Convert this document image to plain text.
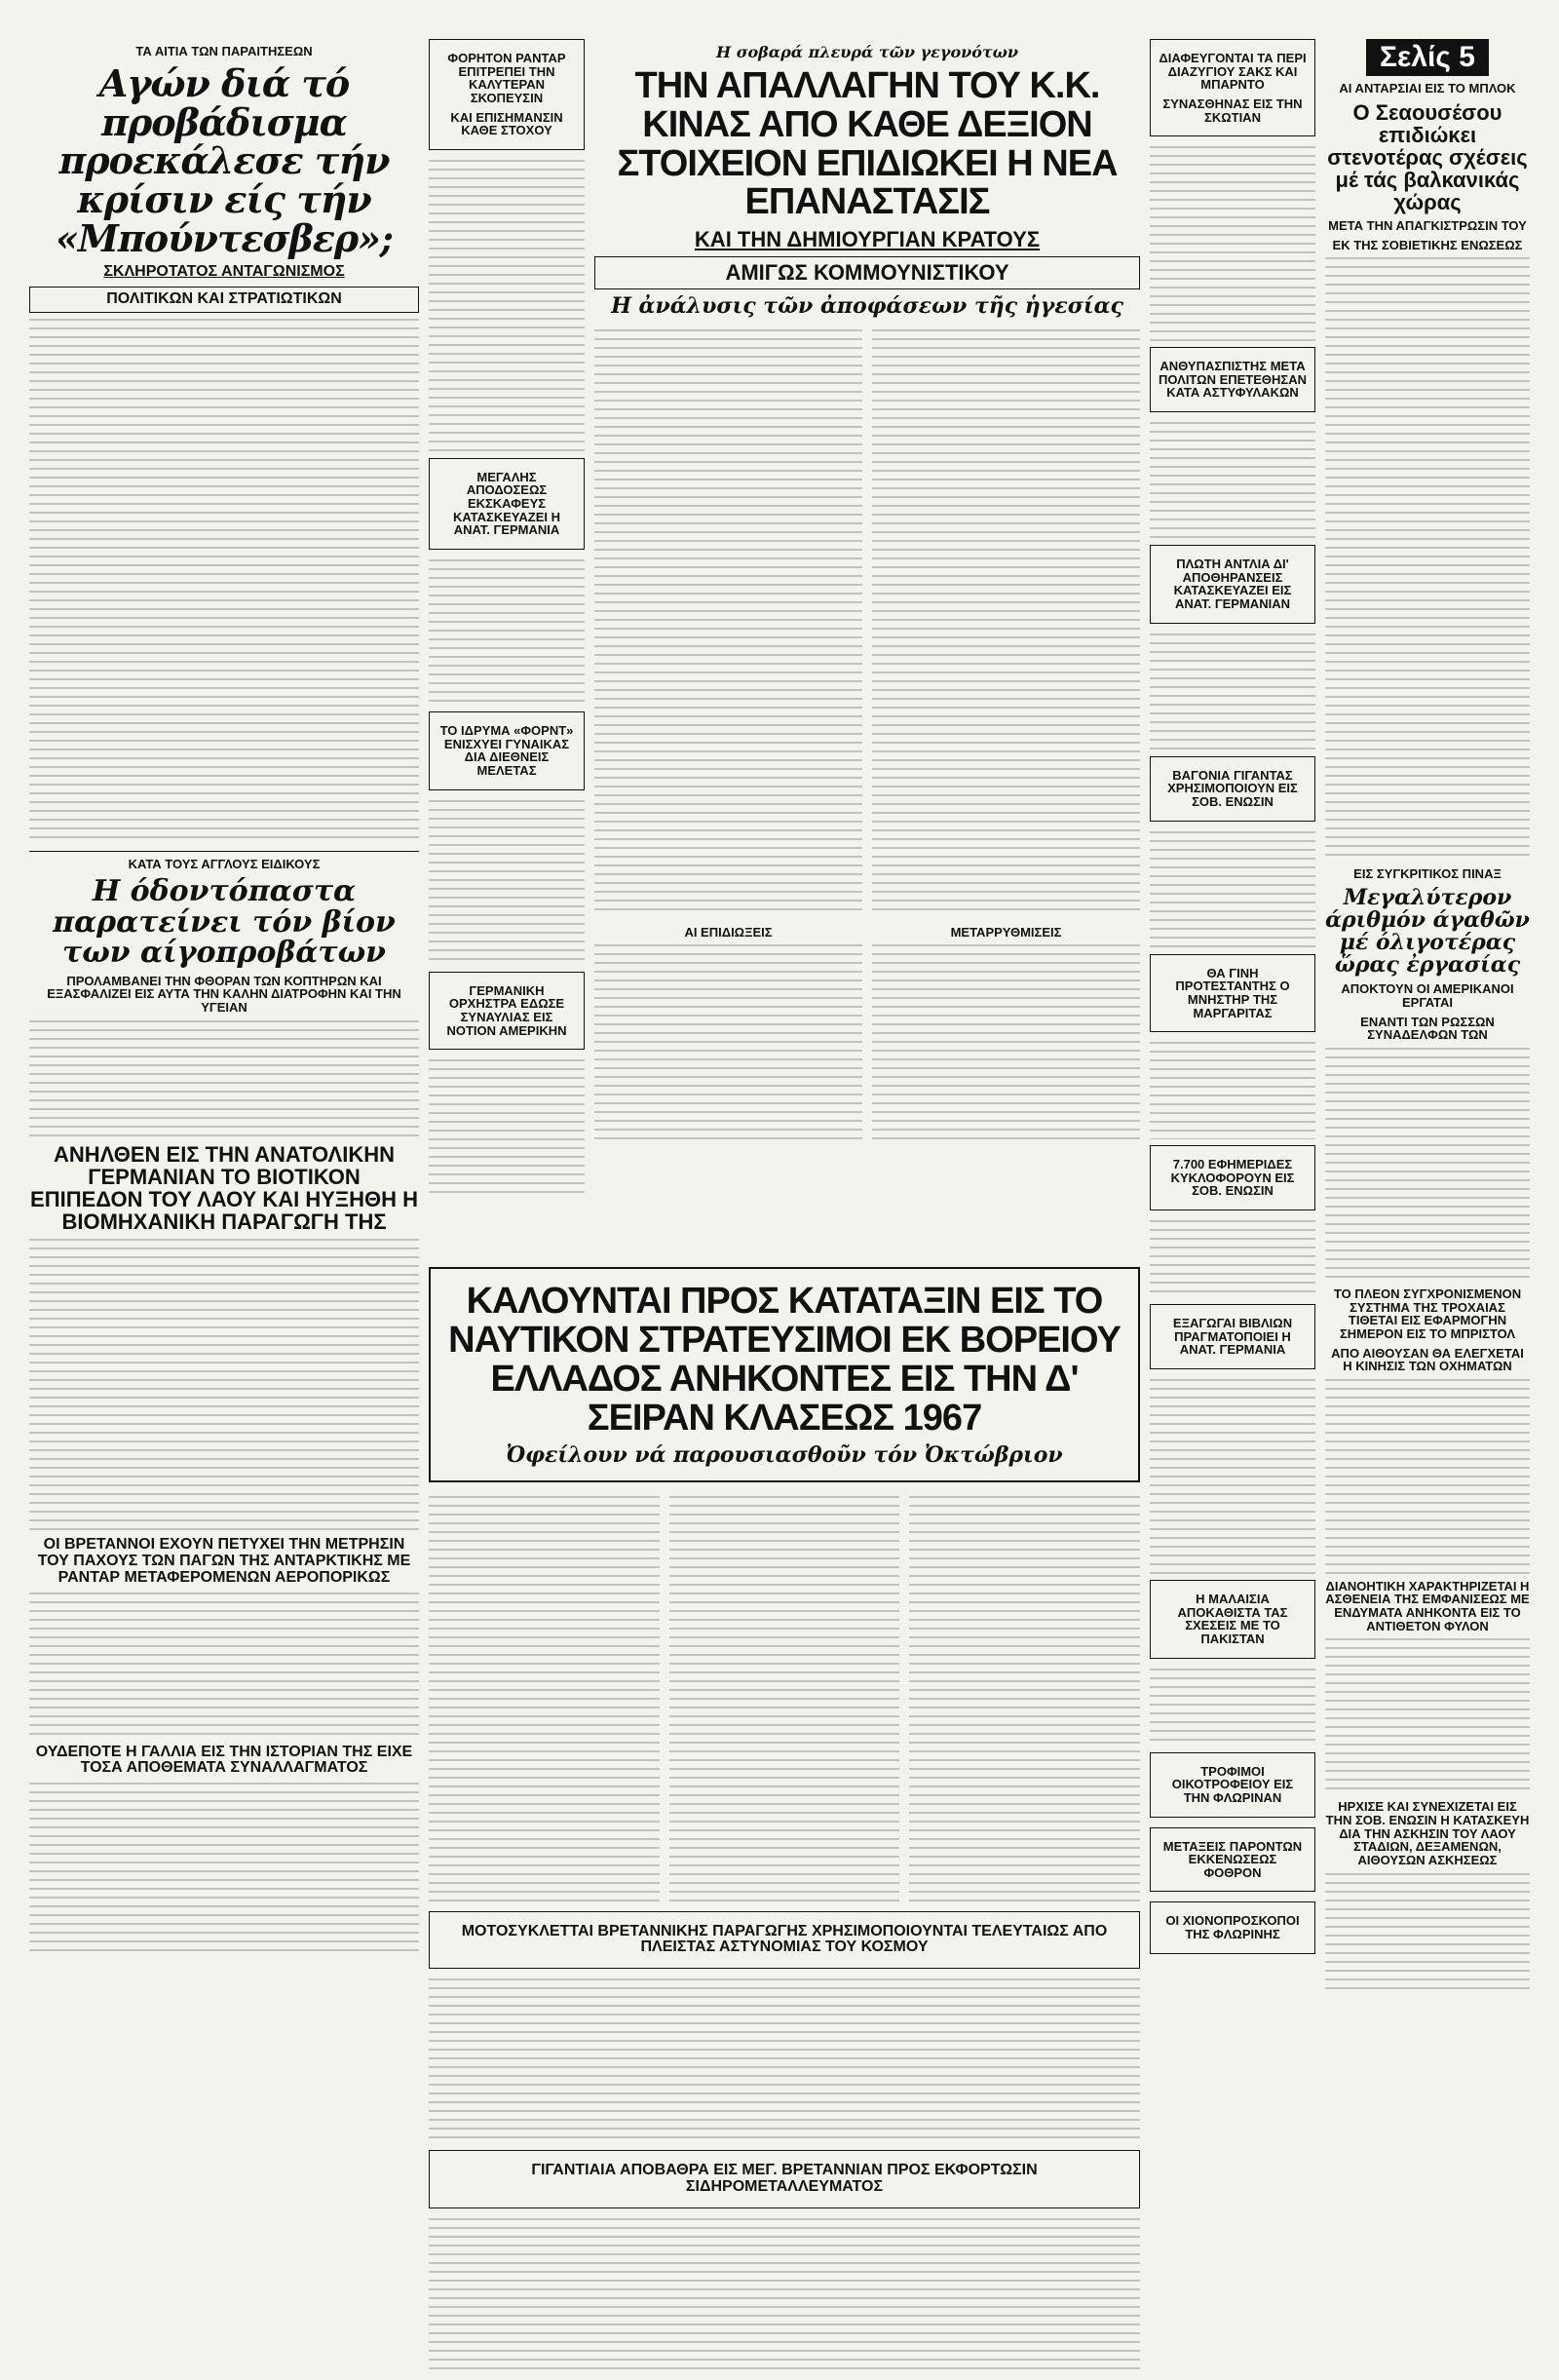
ΤΑ ΑΙΤΙΑ ΤΩΝ ΠΑΡΑΙΤΗΣΕΩΝ
Αγών διά τό προβάδισμα προεκάλεσε τήν κρίσιν είς τήν «Μπούντεσβερ»;
ΣΚΛΗΡΟΤΑΤΟΣ ΑΝΤΑΓΩΝΙΣΜΟΣ
ΠΟΛΙΤΙΚΩΝ ΚΑΙ ΣΤΡΑΤΙΩΤΙΚΩΝ
ΚΑΤΑ ΤΟΥΣ ΑΓΓΛΟΥΣ ΕΙΔΙΚΟΥΣ
Η όδοντόπαστα παρατείνει τόν βίον των αίγοπροβάτων
ΠΡΟΛΑΜΒΑΝΕΙ ΤΗΝ ΦΘΟΡΑΝ ΤΩΝ ΚΟΠΤΗΡΩΝ ΚΑΙ ΕΞΑΣΦΑΛΙΖΕΙ ΕΙΣ ΑΥΤΑ ΤΗΝ ΚΑΛΗΝ ΔΙΑΤΡΟΦΗΝ ΚΑΙ ΤΗΝ ΥΓΕΙΑΝ
ΑΝΗΛΘΕΝ ΕΙΣ ΤΗΝ ΑΝΑΤΟΛΙΚΗΝ ΓΕΡΜΑΝΙΑΝ ΤΟ ΒΙΟΤΙΚΟΝ ΕΠΙΠΕΔΟΝ ΤΟΥ ΛΑΟΥ ΚΑΙ ΗΥΞΗΘΗ Η ΒΙΟΜΗΧΑΝΙΚΗ ΠΑΡΑΓΩΓΗ ΤΗΣ
ΟΙ ΒΡΕΤΑΝΝΟΙ ΕΧΟΥΝ ΠΕΤΥΧΕΙ ΤΗΝ ΜΕΤΡΗΣΙΝ ΤΟΥ ΠΑΧΟΥΣ ΤΩΝ ΠΑΓΩΝ ΤΗΣ ΑΝΤΑΡΚΤΙΚΗΣ ΜΕ ΡΑΝΤΑΡ ΜΕΤΑΦΕΡΟΜΕΝΩΝ ΑΕΡΟΠΟΡΙΚΩΣ
ΟΥΔΕΠΟΤΕ Η ΓΑΛΛΙΑ ΕΙΣ ΤΗΝ ΙΣΤΟΡΙΑΝ ΤΗΣ ΕΙΧΕ ΤΟΣΑ ΑΠΟΘΕΜΑΤΑ ΣΥΝΑΛΛΑΓΜΑΤΟΣ
ΦΟΡΗΤΟΝ ΡΑΝΤΑΡ ΕΠΙΤΡΕΠΕΙ ΤΗΝ ΚΑΛΥΤΕΡΑΝ ΣΚΟΠΕΥΣΙΝ
ΚΑΙ ΕΠΙΣΗΜΑΝΣΙΝ ΚΑΘΕ ΣΤΟΧΟΥ
ΜΕΓΑΛΗΣ ΑΠΟΔΟΣΕΩΣ ΕΚΣΚΑΦΕΥΣ ΚΑΤΑΣΚΕΥΑΖΕΙ Η ΑΝΑΤ. ΓΕΡΜΑΝΙΑ
ΤΟ ΙΔΡΥΜΑ «ΦΟΡΝΤ» ΕΝΙΣΧΥΕΙ ΓΥΝΑΙΚΑΣ ΔΙΑ ΔΙΕΘΝΕΙΣ ΜΕΛΕΤΑΣ
ΓΕΡΜΑΝΙΚΗ ΟΡΧΗΣΤΡΑ ΕΔΩΣΕ ΣΥΝΑΥΛΙΑΣ ΕΙΣ ΝΟΤΙΟΝ ΑΜΕΡΙΚΗΝ
Η σοβαρά πλευρά τῶν γεγονότων
ΤΗΝ ΑΠΑΛΛΑΓΗΝ ΤΟΥ Κ.Κ. ΚΙΝΑΣ ΑΠΟ ΚΑΘΕ ΔΕΞΙΟΝ ΣΤΟΙΧΕΙΟΝ ΕΠΙΔΙΩΚΕΙ Η ΝΕΑ ΕΠΑΝΑΣΤΑΣΙΣ
ΚΑΙ ΤΗΝ ΔΗΜΙΟΥΡΓΙΑΝ ΚΡΑΤΟΥΣ
ΑΜΙΓΩΣ ΚΟΜΜΟΥΝΙΣΤΙΚΟΥ
Η ἀνάλυσις τῶν ἀποφάσεων τῆς ἡγεσίας
ΑΙ ΕΠΙΔΙΩΞΕΙΣ	ΜΕΤΑΡΡΥΘΜΙΣΕΙΣ
ΔΙΑΦΕΥΓΟΝΤΑΙ ΤΑ ΠΕΡΙ ΔΙΑΖΥΓΙΟΥ ΣΑΚΣ ΚΑΙ ΜΠΑΡΝΤΟ
ΣΥΝΑΣΘΗΝΑΣ ΕΙΣ ΤΗΝ ΣΚΩΤΙΑΝ
ΑΝΘΥΠΑΣΠΙΣΤΗΣ ΜΕΤΑ ΠΟΛΙΤΩΝ ΕΠΕΤΕΘΗΣΑΝ ΚΑΤΑ ΑΣΤΥΦΥΛΑΚΩΝ
ΠΛΩΤΗ ΑΝΤΛΙΑ ΔΙ' ΑΠΟΘΗΡΑΝΣΕΙΣ ΚΑΤΑΣΚΕΥΑΖΕΙ ΕΙΣ ΑΝΑΤ. ΓΕΡΜΑΝΙΑΝ
ΒΑΓΟΝΙΑ ΓΙΓΑΝΤΑΣ ΧΡΗΣΙΜΟΠΟΙΟΥΝ ΕΙΣ ΣΟΒ. ΕΝΩΣΙΝ
ΘΑ ΓΙΝΗ ΠΡΟΤΕΣΤΑΝΤΗΣ Ο ΜΝΗΣΤΗΡ ΤΗΣ ΜΑΡΓΑΡΙΤΑΣ
7.700 ΕΦΗΜΕΡΙΔΕΣ ΚΥΚΛΟΦΟΡΟΥΝ ΕΙΣ ΣΟΒ. ΕΝΩΣΙΝ
ΕΞΑΓΩΓΑΙ ΒΙΒΛΙΩΝ ΠΡΑΓΜΑΤΟΠΟΙΕΙ Η ΑΝΑΤ. ΓΕΡΜΑΝΙΑ
Η ΜΑΛΑΙΣΙΑ ΑΠΟΚΑΘΙΣΤΑ ΤΑΣ ΣΧΕΣΕΙΣ ΜΕ ΤΟ ΠΑΚΙΣΤΑΝ
ΤΡΟΦΙΜΟΙ ΟΙΚΟΤΡΟΦΕΙΟΥ ΕΙΣ ΤΗΝ ΦΛΩΡΙΝΑΝ
ΜΕΤΑΞΕΙΣ ΠΑΡΟΝΤΩΝ ΕΚΚΕΝΩΣΕΩΣ ΦΟΘΡΟΝ
ΟΙ ΧΙΟΝΟΠΡΟΣΚΟΠΟΙ ΤΗΣ ΦΛΩΡΙΝΗΣ
Σελίς 5
ΑΙ ΑΝΤΑΡΣΙΑΙ ΕΙΣ ΤΟ ΜΠΛΟΚ
Ο Σεαουσέσου επιδιώκει στενοτέρας σχέσεις μέ τάς βαλκανικάς χώρας
ΜΕΤΑ ΤΗΝ ΑΠΑΓΚΙΣΤΡΩΣΙΝ ΤΟΥ
ΕΚ ΤΗΣ ΣΟΒΙΕΤΙΚΗΣ ΕΝΩΣΕΩΣ
ΕΙΣ ΣΥΓΚΡΙΤΙΚΟΣ ΠΙΝΑΞ
Μεγαλύτερον άριθμόν άγαθῶν μέ όλιγοτέρας ὥρας ἐργασίας
ΑΠΟΚΤΟΥΝ ΟΙ ΑΜΕΡΙΚΑΝΟΙ ΕΡΓΑΤΑΙ
ΕΝΑΝΤΙ ΤΩΝ ΡΩΣΣΩΝ ΣΥΝΑΔΕΛΦΩΝ ΤΩΝ
ΤΟ ΠΛΕΟΝ ΣΥΓΧΡΟΝΙΣΜΕΝΟΝ ΣΥΣΤΗΜΑ ΤΗΣ ΤΡΟΧΑΙΑΣ ΤΙΘΕΤΑΙ ΕΙΣ ΕΦΑΡΜΟΓΗΝ ΣΗΜΕΡΟΝ ΕΙΣ ΤΟ ΜΠΡΙΣΤΟΛ
ΑΠΟ ΑΙΘΟΥΣΑΝ ΘΑ ΕΛΕΓΧΕΤΑΙ Η ΚΙΝΗΣΙΣ ΤΩΝ ΟΧΗΜΑΤΩΝ
ΔΙΑΝΟΗΤΙΚΗ ΧΑΡΑΚΤΗΡΙΖΕΤΑΙ Η ΑΣΘΕΝΕΙΑ ΤΗΣ ΕΜΦΑΝΙΣΕΩΣ ΜΕ ΕΝΔΥΜΑΤΑ ΑΝΗΚΟΝΤΑ ΕΙΣ ΤΟ ΑΝΤΙΘΕΤΟΝ ΦΥΛΟΝ
ΗΡΧΙΣΕ ΚΑΙ ΣΥΝΕΧΙΖΕΤΑΙ ΕΙΣ ΤΗΝ ΣΟΒ. ΕΝΩΣΙΝ Η ΚΑΤΑΣΚΕΥΗ ΔΙΑ ΤΗΝ ΑΣΚΗΣΙΝ ΤΟΥ ΛΑΟΥ ΣΤΑΔΙΩΝ, ΔΕΞΑΜΕΝΩΝ, ΑΙΘΟΥΣΩΝ ΑΣΚΗΣΕΩΣ
ΚΑΛΟΥΝΤΑΙ ΠΡΟΣ ΚΑΤΑΤΑΞΙΝ ΕΙΣ ΤΟ ΝΑΥΤΙΚΟΝ ΣΤΡΑΤΕΥΣΙΜΟΙ ΕΚ ΒΟΡΕΙΟΥ ΕΛΛΑΔΟΣ ΑΝΗΚΟΝΤΕΣ ΕΙΣ ΤΗΝ Δ' ΣΕΙΡΑΝ ΚΛΑΣΕΩΣ 1967
Ὀφείλουν νά παρουσιασθοῦν τόν Ὀκτώβριον
ΜΟΤΟΣΥΚΛΕΤΤΑΙ ΒΡΕΤΑΝΝΙΚΗΣ ΠΑΡΑΓΩΓΗΣ ΧΡΗΣΙΜΟΠΟΙΟΥΝΤΑΙ ΤΕΛΕΥΤΑΙΩΣ ΑΠΟ ΠΛΕΙΣΤΑΣ ΑΣΤΥΝΟΜΙΑΣ ΤΟΥ ΚΟΣΜΟΥ
ΓΙΓΑΝΤΙΑΙΑ ΑΠΟΒΑΘΡΑ ΕΙΣ ΜΕΓ. ΒΡΕΤΑΝΝΙΑΝ ΠΡΟΣ ΕΚΦΟΡΤΩΣΙΝ ΣΙΔΗΡΟΜΕΤΑΛΛΕΥΜΑΤΟΣ
